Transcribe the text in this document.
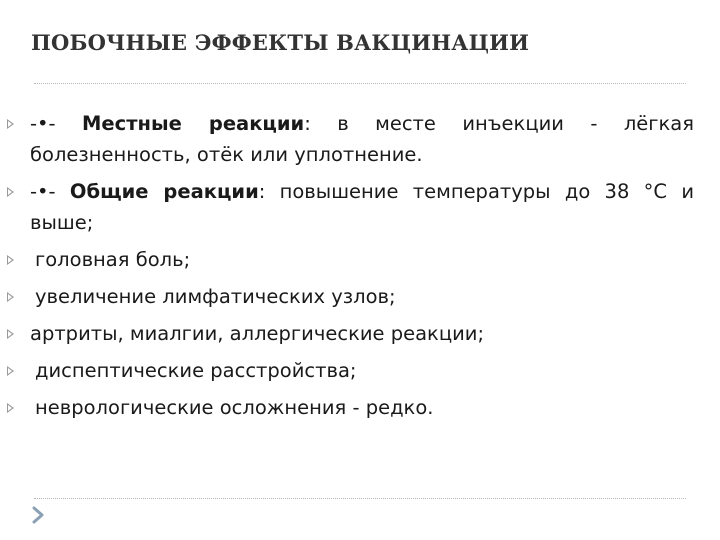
ПОБОЧНЫЕ ЭФФЕКТЫ ВАКЦИНАЦИИ
-•- Местные реакции: в месте инъекции - лёгкая болезненность, отёк или уплотнение.
-•- Общие реакции: повышение температуры до 38 °С и выше;
головная боль;
увеличение лимфатических узлов;
артриты, миалгии, аллергические реакции;
диспептические расстройства;
неврологические осложнения - редко.
